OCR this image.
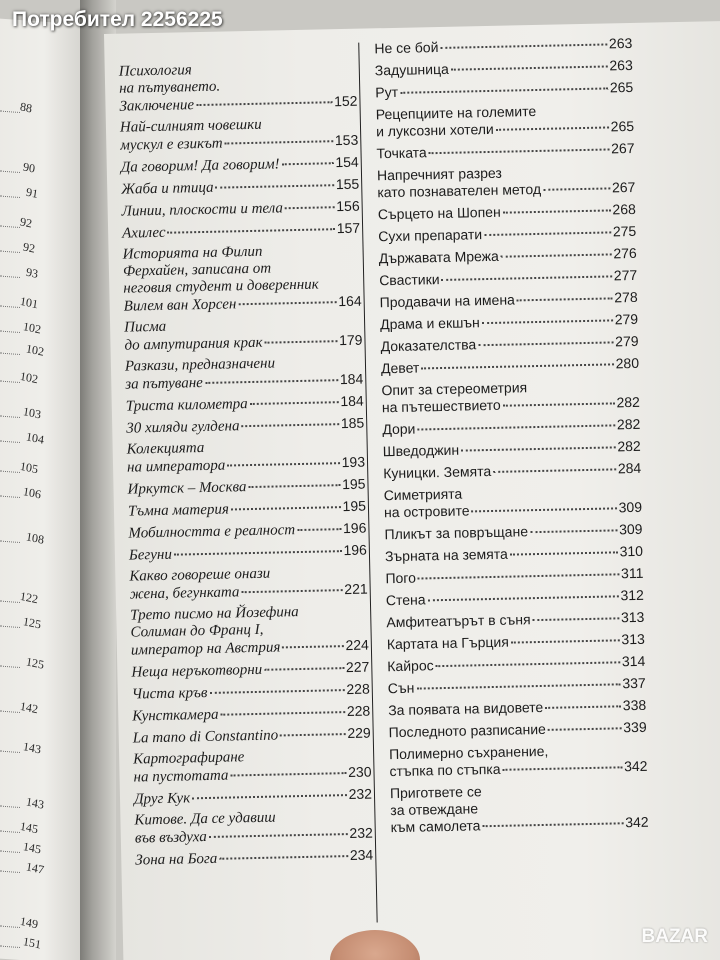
88
90
91
92
92
93
101
102
102
102
103
104
105
106
108
122
125
125
142
143
143
145
145
147
149
151
Психология
на пътуването.
Заключение	152
Най-силният човешки
мускул е езикът	153
Да говорим! Да говорим!	154
Жаба и птица	155
Линии, плоскости и тела	156
Ахилес	157
Историята на Филип
Ферхайен, записана от
неговия студент и доверенник
Вилем ван Хорсен	164
Писма
до ампутирания крак	179
Разкази, предназначени
за пътуване	184
Триста километра	184
30 хиляди гулдена	185
Колекцията
на императора	193
Иркутск – Москва	195
Тъмна материя	195
Мобилността е реалност	196
Бегуни	196
Какво говореше онази
жена, бегунката	221
Трето писмо на Йозефина
Солиман до Франц I,
император на Австрия	224
Неща неръкотворни	227
Чиста кръв	228
Кунсткамера	228
La mano di Constantino	229
Картографиране
на пустотата	230
Друг Кук	232
Китове. Да се удавиш
във въздуха	232
Зона на Бога	234
Не се бой	263
Задушница	263
Рут	265
Рецепциите на големите
и луксозни хотели	265
Точката	267
Напречният разрез
като познавателен метод	267
Сърцето на Шопен	268
Сухи препарати	275
Държавата Мрежа	276
Свастики	277
Продавачи на имена	278
Драма и екшън	279
Доказателства	279
Девет	280
Опит за стереометрия
на пътешествието	282
Дори	282
Шведоджин	282
Куницки. Земята	284
Симетрията
на островите	309
Пликът за повръщане	309
Зърната на земята	310
Пого	311
Стена	312
Амфитеатърът в съня	313
Картата на Гърция	313
Кайрос	314
Сън	337
За появата на видовете	338
Последното разписание	339
Полимерно съхранение,
стъпка по стъпка	342
Пригответе се
за отвеждане
към самолета	342
Потребител 2256225
BAZAR
